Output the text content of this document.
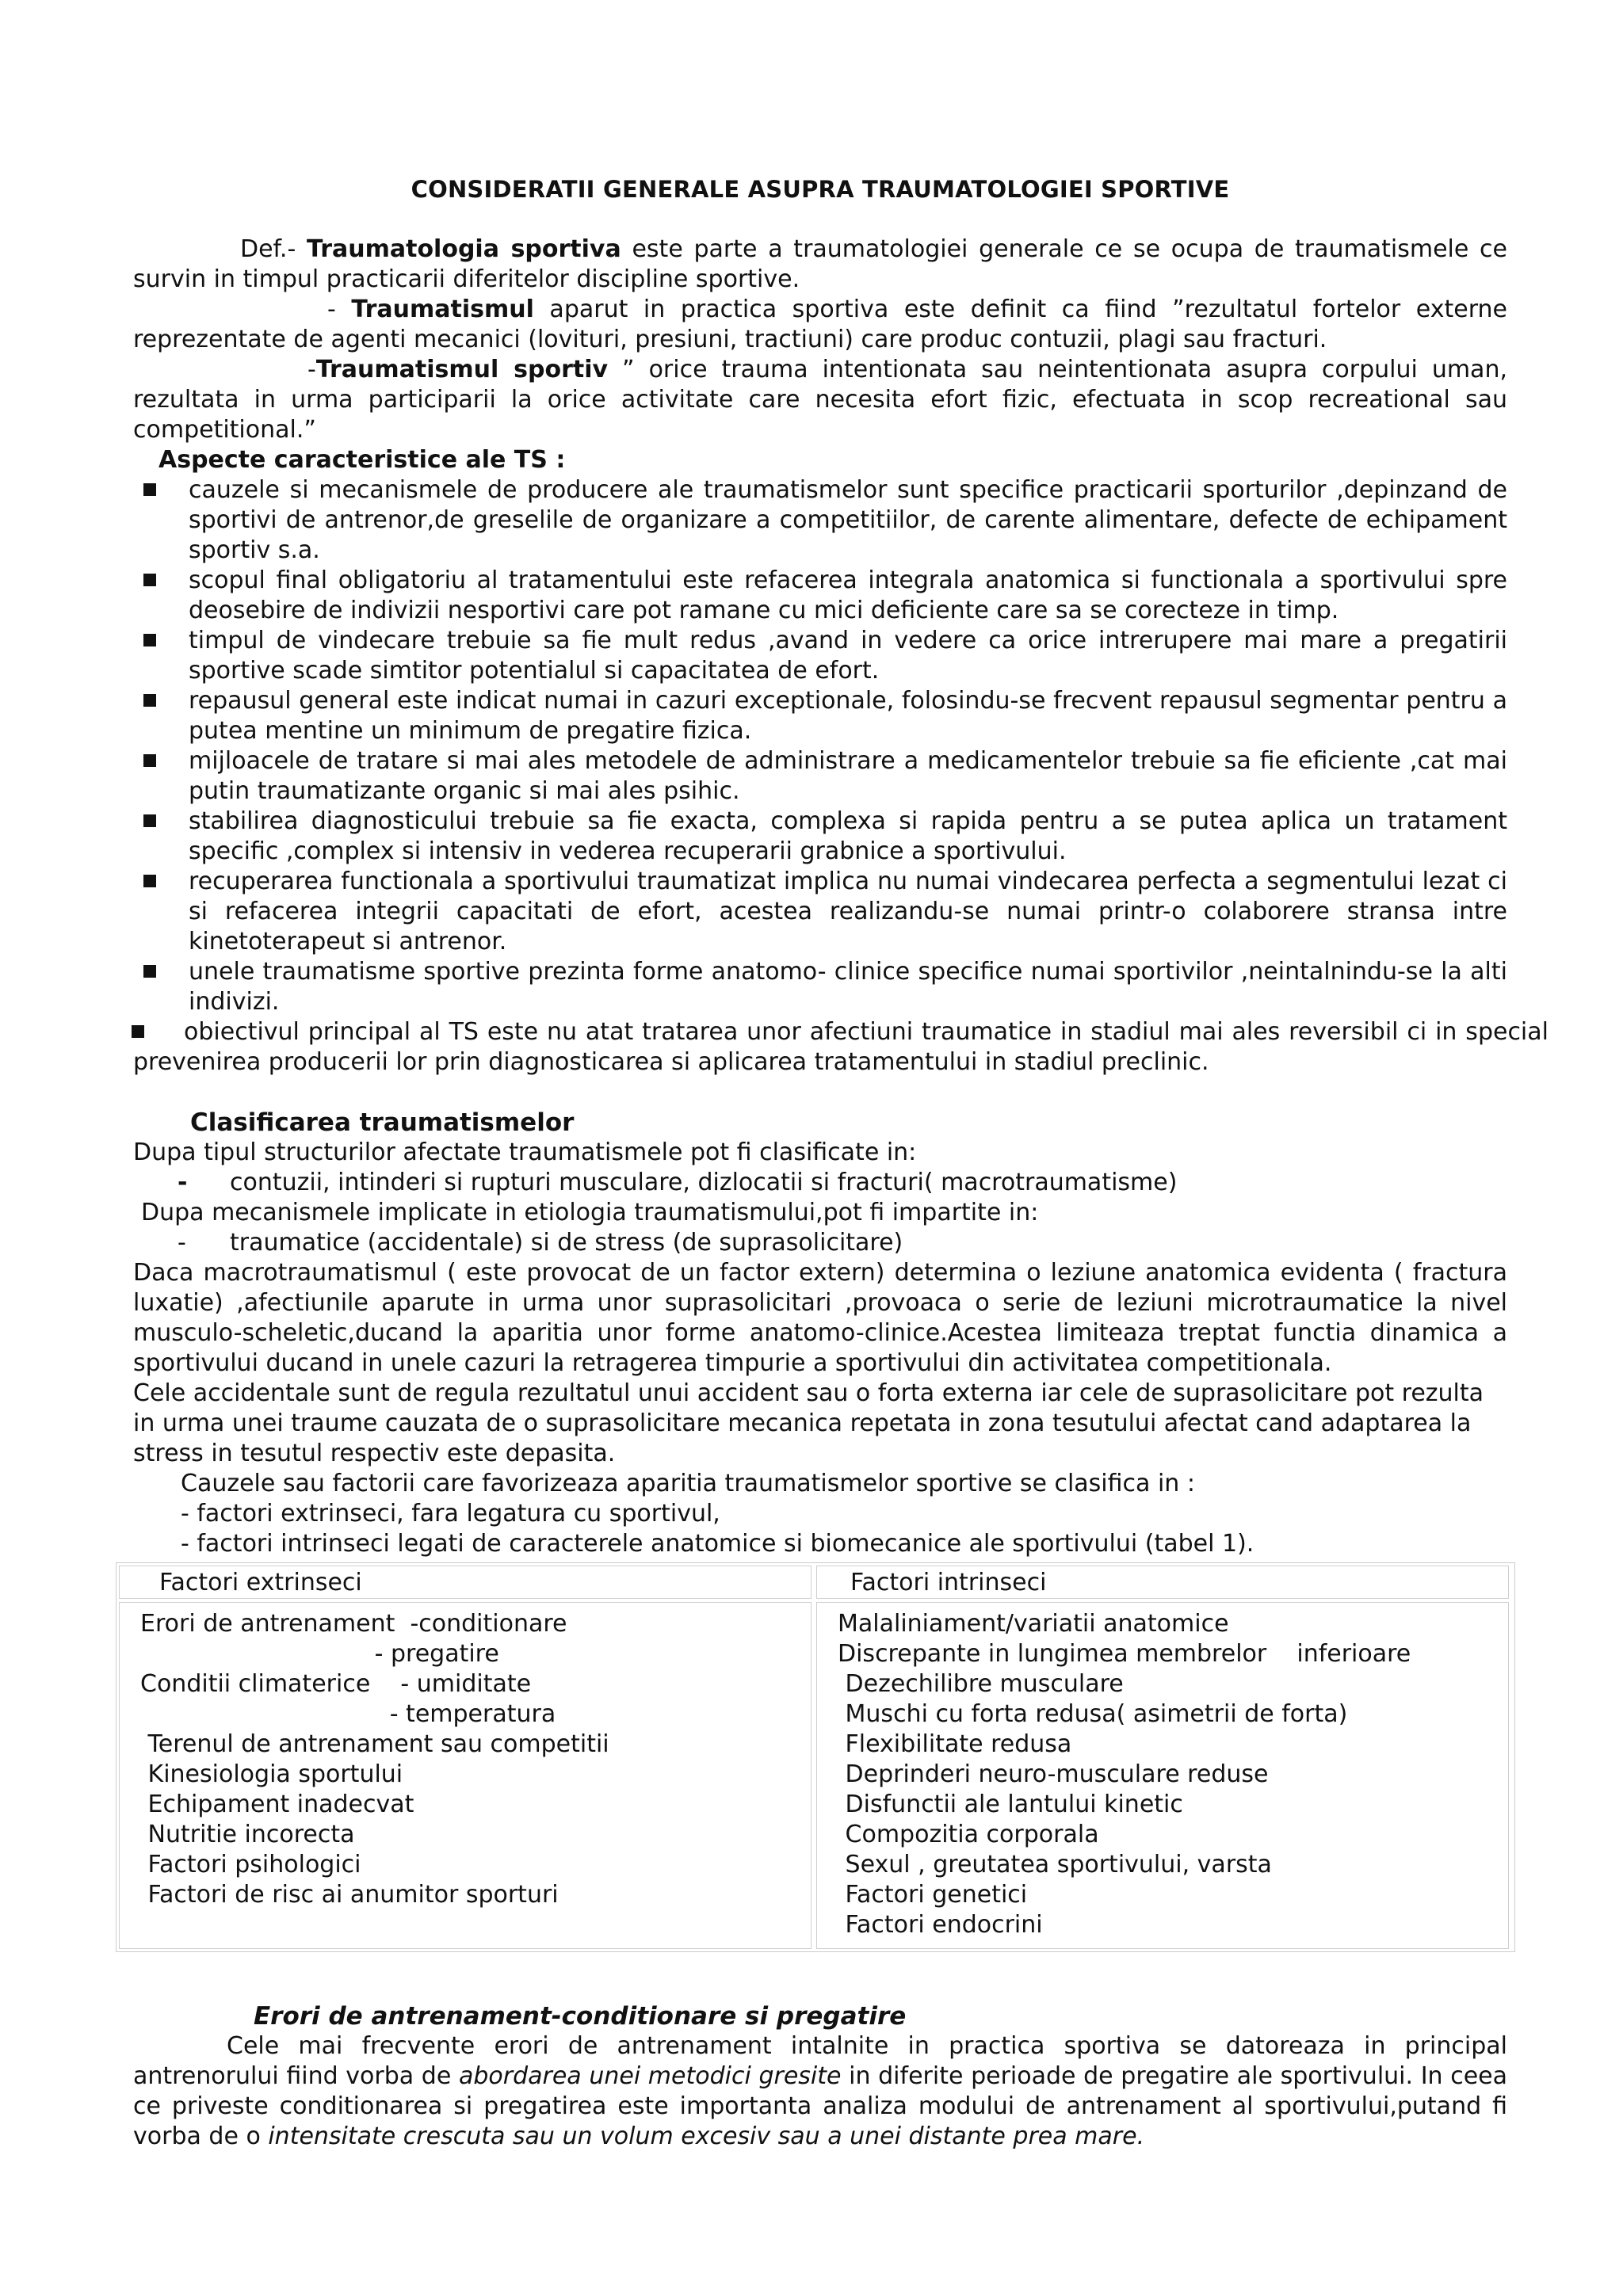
CONSIDERATII GENERALE ASUPRA TRAUMATOLOGIEI SPORTIVE

Def.- Traumatologia sportiva este parte a traumatologiei generale ce se ocupa de traumatismele ce survin in timpul practicarii diferitelor discipline sportive.

- Traumatismul aparut in practica sportiva este definit ca fiind ”rezultatul fortelor externe reprezentate de agenti mecanici (lovituri, presiuni, tractiuni) care produc contuzii, plagi sau fracturi.

-Traumatismul sportiv ” orice trauma intentionata sau neintentionata asupra corpului uman, rezultata in urma participarii la orice activitate care necesita efort fizic, efectuata in scop recreational sau competitional.”

Aspecte caracteristice ale TS :

cauzele si mecanismele de producere ale traumatismelor sunt specifice practicarii sporturilor ,depinzand de sportivi de antrenor,de greselile de organizare a competitiilor, de carente alimentare, defecte de echipament sportiv s.a.
scopul final obligatoriu al tratamentului este refacerea integrala anatomica si functionala a sportivului spre deosebire de indivizii nesportivi care pot ramane cu mici deficiente care sa se corecteze in timp.
timpul de vindecare trebuie sa fie mult redus ,avand in vedere ca orice intrerupere mai mare a pregatirii sportive scade simtitor potentialul si capacitatea de efort.
repausul general este indicat numai in cazuri exceptionale, folosindu-se frecvent repausul segmentar pentru a putea mentine un minimum de pregatire fizica.
mijloacele de tratare si mai ales metodele de administrare a medicamentelor trebuie sa fie eficiente ,cat mai putin traumatizante organic si mai ales psihic.
stabilirea diagnosticului trebuie sa fie exacta, complexa si rapida pentru a se putea aplica un tratament specific ,complex si intensiv in vederea recuperarii grabnice a sportivului.
recuperarea functionala a sportivului traumatizat implica nu numai vindecarea perfecta a segmentului lezat ci si refacerea integrii capacitati de efort, acestea realizandu-se numai printr-o colaborere stransa intre kinetoterapeut si antrenor.
unele traumatisme sportive prezinta forme anatomo- clinice specifice numai sportivilor ,neintalnindu-se la alti indivizi.

obiectivul principal al TS este nu atat tratarea unor afectiuni traumatice in stadiul mai ales reversibil ci in special prevenirea producerii lor prin diagnosticarea si aplicarea tratamentului in stadiul preclinic.

Clasificarea traumatismelor

Dupa tipul structurilor afectate traumatismele pot fi clasificate in:

- contuzii, intinderi si rupturi musculare, dizlocatii si fracturi( macrotraumatisme)

Dupa mecanismele implicate in etiologia traumatismului,pot fi impartite in:

- traumatice (accidentale) si de stress (de suprasolicitare)

Daca macrotraumatismul ( este provocat de un factor extern) determina o leziune anatomica evidenta ( fractura luxatie) ,afectiunile aparute in urma unor suprasolicitari ,provoaca o serie de leziuni microtraumatice la nivel musculo-scheletic,ducand la aparitia unor forme anatomo-clinice.Acestea limiteaza treptat functia dinamica a sportivului ducand in unele cazuri la retragerea timpurie a sportivului din activitatea competitionala.

Cele accidentale sunt de regula rezultatul unui accident sau o forta externa iar cele de suprasolicitare pot rezulta in urma unei traume cauzata de o suprasolicitare mecanica repetata in zona tesutului afectat cand adaptarea la stress in tesutul respectiv este depasita.

Cauzele sau factorii care favorizeaza aparitia traumatismelor sportive se clasifica in :

- factori extrinseci, fara legatura cu sportivul,

- factori intrinseci legati de caracterele anatomice si biomecanice ale sportivului (tabel 1).

Factori extrinseci	Factori intrinseci
Erori de antrenament  -conditionare
- pregatire
Conditii climaterice    - umiditate
- temperatura
Terenul de antrenament sau competitii
Kinesiologia sportului
Echipament inadecvat
Nutritie incorecta
Factori psihologici
Factori de risc ai anumitor sporturi
Malaliniament/variatii anatomice
Discrepante in lungimea membrelor    inferioare
Dezechilibre musculare
Muschi cu forta redusa( asimetrii de forta)
Flexibilitate redusa
Deprinderi neuro-musculare reduse
Disfunctii ale lantului kinetic
Compozitia corporala
Sexul , greutatea sportivului, varsta
Factori genetici
Factori endocrini

Erori de antrenament-conditionare si pregatire

Cele mai frecvente erori de antrenament intalnite in practica sportiva se datoreaza in principal antrenorului fiind vorba de abordarea unei metodici gresite in diferite perioade de pregatire ale sportivului. In ceea ce priveste conditionarea si pregatirea este importanta analiza modului de antrenament al sportivului,putand fi vorba de o intensitate crescuta sau un volum excesiv sau a unei distante prea mare.
